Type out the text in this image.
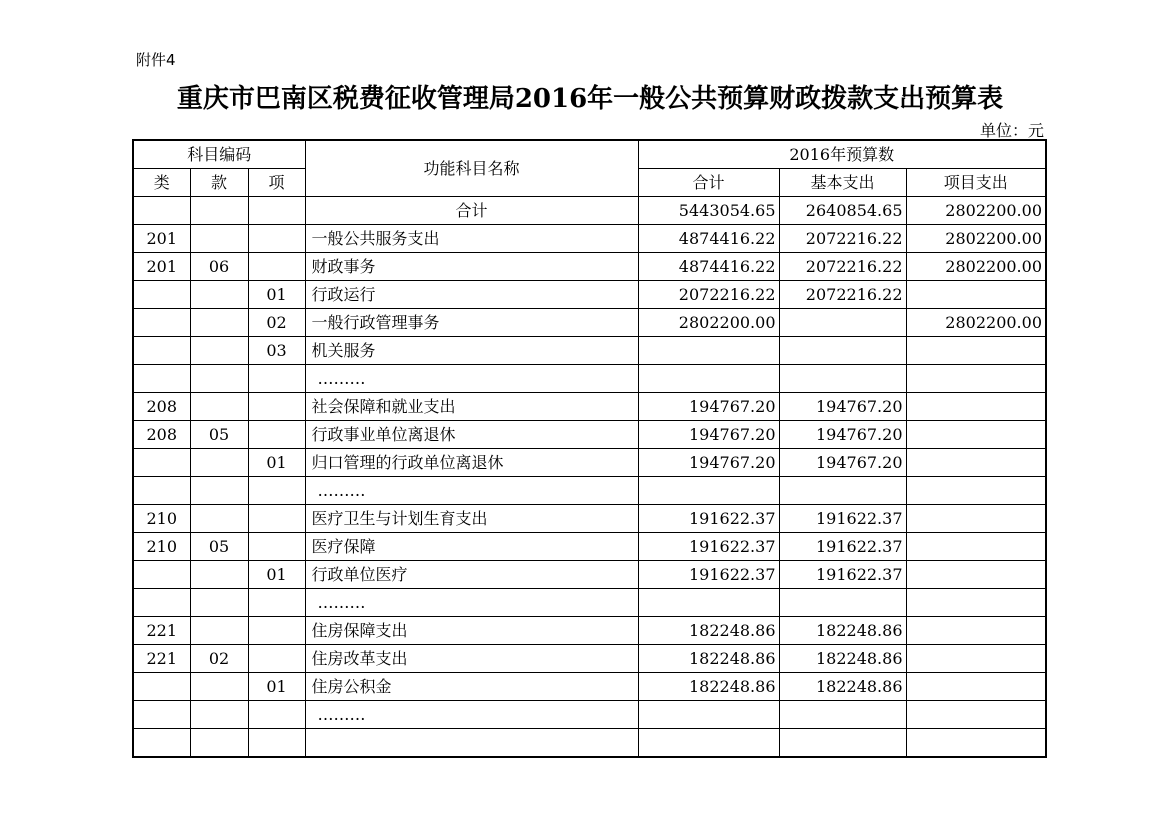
附件4
重庆市巴南区税费征收管理局2016年一般公共预算财政拨款支出预算表
单位：元
科目编码			功能科目名称	2016年预算数		
类	款	项		合计	基本支出	项目支出
			合计	5443054.65	2640854.65	2802200.00
201			一般公共服务支出	4874416.22	2072216.22	2802200.00
201	06		财政事务	4874416.22	2072216.22	2802200.00
		01	行政运行	2072216.22	2072216.22	
		02	一般行政管理事务	2802200.00		2802200.00
		03	机关服务			
			………			
208			社会保障和就业支出	194767.20	194767.20	
208	05		行政事业单位离退休	194767.20	194767.20	
		01	归口管理的行政单位离退休	194767.20	194767.20	
			………			
210			医疗卫生与计划生育支出	191622.37	191622.37	
210	05		医疗保障	191622.37	191622.37	
		01	行政单位医疗	191622.37	191622.37	
			………			
221			住房保障支出	182248.86	182248.86	
221	02		住房改革支出	182248.86	182248.86	
		01	住房公积金	182248.86	182248.86	
			………			
